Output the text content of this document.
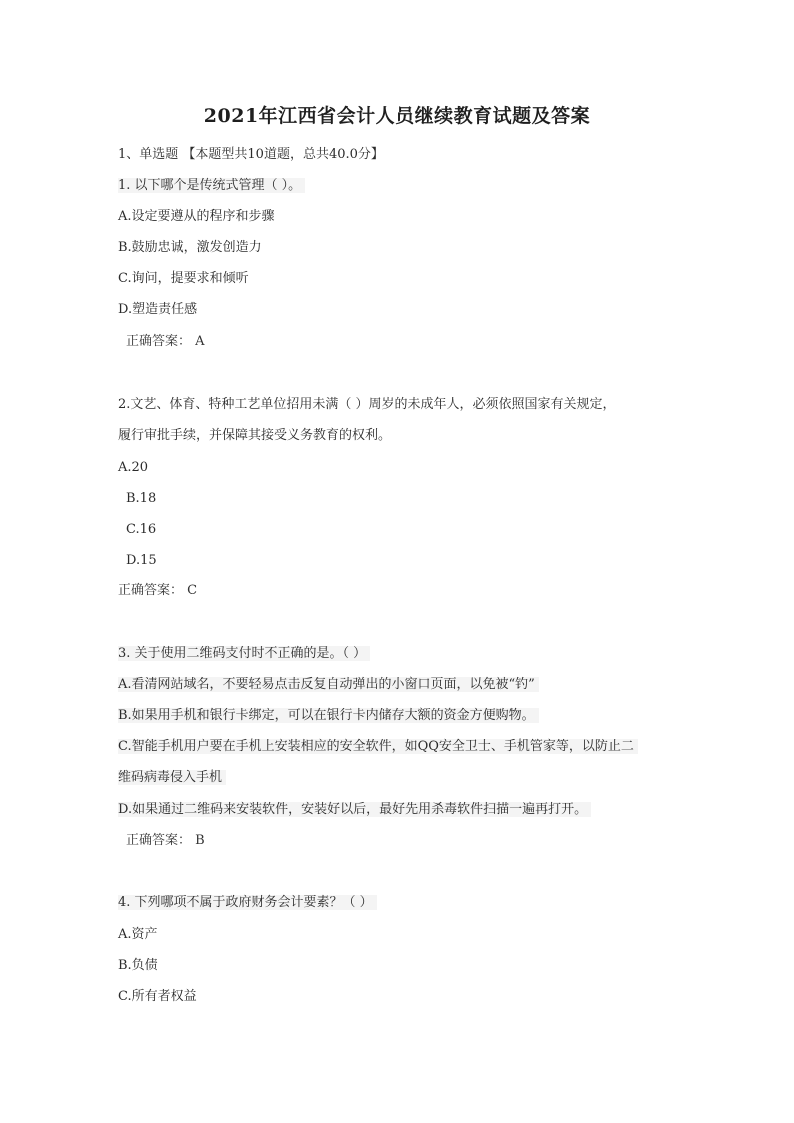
2021年江西省会计人员继续教育试题及答案
1、单选题 【本题型共10道题，总共40.0分】
1. 以下哪个是传统式管理（ ）。
A.设定要遵从的程序和步骤
B.鼓励忠诚，激发创造力
C.询问，提要求和倾听
D.塑造责任感
正确答案： A
2.文艺、体育、特种工艺单位招用未满（ ）周岁的未成年人，必须依照国家有关规定，
履行审批手续，并保障其接受义务教育的权利。
A.20
B.18
C.16
D.15
正确答案： C
3. 关于使用二维码支付时不正确的是。（ ）
A.看清网站域名，不要轻易点击反复自动弹出的小窗口页面，以免被“钓”
B.如果用手机和银行卡绑定，可以在银行卡内储存大额的资金方便购物。
C.智能手机用户要在手机上安装相应的安全软件，如QQ安全卫士、手机管家等，以防止二
维码病毒侵入手机
D.如果通过二维码来安装软件，安装好以后，最好先用杀毒软件扫描一遍再打开。
正确答案： B
4. 下列哪项不属于政府财务会计要素？（ ）
A.资产
B.负债
C.所有者权益
